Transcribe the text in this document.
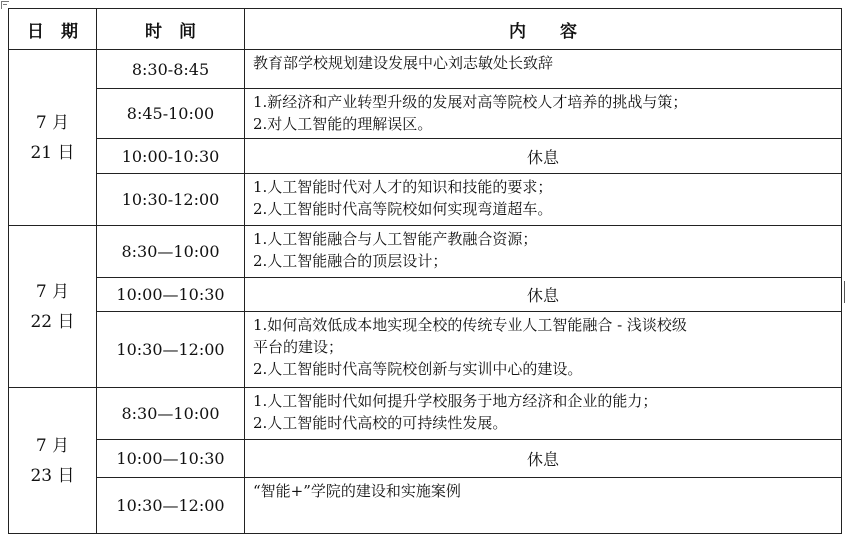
日　期	时　间	内　　容

7 月
21 日	8:30-8:45	教育部学校规划建设发展中心刘志敏处长致辞

	8:45-10:00	1.新经济和产业转型升级的发展对高等院校人才培养的挑战与策；
2.对人工智能的理解误区。

	10:00-10:30	休息
	10:30-12:00	1.人工智能时代对人才的知识和技能的要求；
2.人工智能时代高等院校如何实现弯道超车。

7 月
22 日	8:30—10:00	1.人工智能融合与人工智能产教融合资源；
2.人工智能融合的顶层设计；

	10:00—10:30	休息
	10:30—12:00	1.如何高效低成本地实现全校的传统专业人工智能融合 - 浅谈校级
平台的建设；
2.人工智能时代高等院校创新与实训中心的建设。

7 月
23 日	8:30—10:00	1.人工智能时代如何提升学校服务于地方经济和企业的能力；
2.人工智能时代高校的可持续性发展。

	10:00—10:30	休息
	10:30—12:00	“智能+”学院的建设和实施案例
